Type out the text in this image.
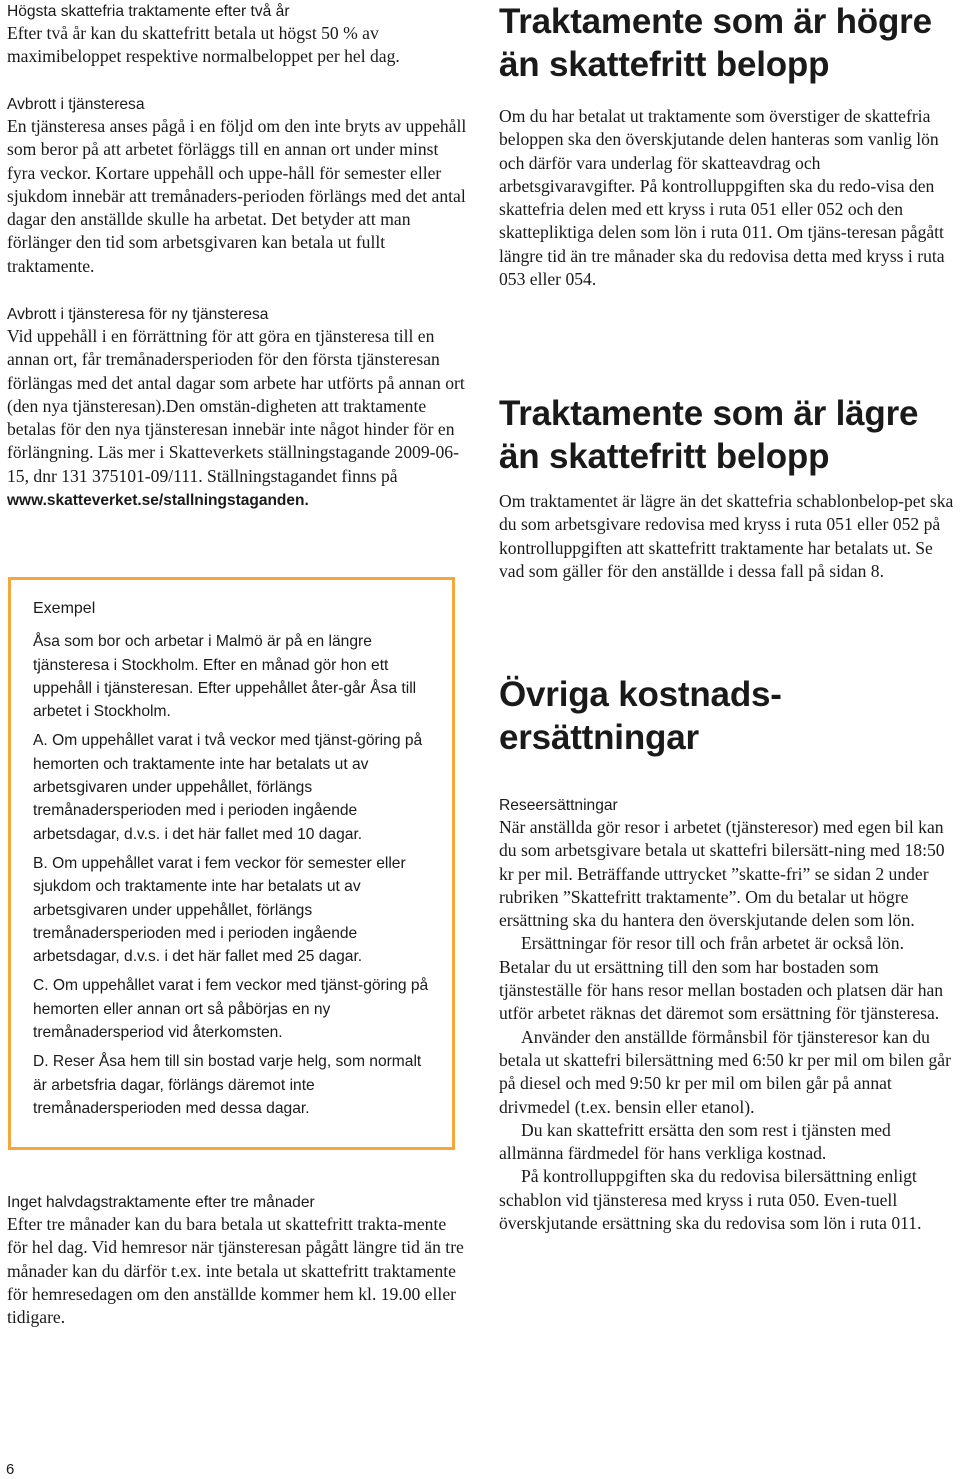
Högsta skattefria traktamente efter två år

Efter två år kan du skattefritt betala ut högst 50 % av maximibeloppet respektive normalbeloppet per hel dag.

Avbrott i tjänsteresa

En tjänsteresa anses pågå i en följd om den inte bryts av uppehåll som beror på att arbetet förläggs till en annan ort under minst fyra veckor. Kortare uppehåll och uppe-håll för semester eller sjukdom innebär att tremånaders-perioden förlängs med det antal dagar den anställde skulle ha arbetat. Det betyder att man förlänger den tid som arbetsgivaren kan betala ut fullt traktamente.

Avbrott i tjänsteresa för ny tjänsteresa

Vid uppehåll i en förrättning för att göra en tjänsteresa till en annan ort, får tremånadersperioden för den första tjänsteresan förlängas med det antal dagar som arbete har utförts på annan ort (den nya tjänsteresan).Den omstän-digheten att traktamente betalas för den nya tjänsteresan innebär inte något hinder för en förlängning. Läs mer i Skatteverkets ställningstagande 2009-06-15, dnr 131 375101-09/111. Ställningstagandet finns på www.skatteverket.se/stallningstaganden.

Exempel

Åsa som bor och arbetar i Malmö är på en längre tjänsteresa i Stockholm. Efter en månad gör hon ett uppehåll i tjänsteresan. Efter uppehållet åter-går Åsa till arbetet i Stockholm.

A. Om uppehållet varat i två veckor med tjänst-göring på hemorten och traktamente inte har betalats ut av arbetsgivaren under uppehållet, förlängs tremånadersperioden med i perioden ingående arbetsdagar, d.v.s. i det här fallet med 10 dagar.

B. Om uppehållet varat i fem veckor för semester eller sjukdom och traktamente inte har betalats ut av arbetsgivaren under uppehållet, förlängs tremånadersperioden med i perioden ingående arbetsdagar, d.v.s. i det här fallet med 25 dagar.

C. Om uppehållet varat i fem veckor med tjänst-göring på hemorten eller annan ort så påbörjas en ny tremånadersperiod vid återkomsten.

D. Reser Åsa hem till sin bostad varje helg, som normalt är arbetsfria dagar, förlängs däremot inte tremånadersperioden med dessa dagar.

Inget halvdagstraktamente efter tre månader

Efter tre månader kan du bara betala ut skattefritt trakta-mente för hel dag. Vid hemresor när tjänsteresan pågått längre tid än tre månader kan du därför t.ex. inte betala ut skattefritt traktamente för hemresedagen om den anställde kommer hem kl. 19.00 eller tidigare.

Traktamente som är högre än skattefritt belopp

Om du har betalat ut traktamente som överstiger de skattefria beloppen ska den överskjutande delen hanteras som vanlig lön och därför vara underlag för skatteavdrag och arbetsgivaravgifter. På kontrolluppgiften ska du redo-visa den skattefria delen med ett kryss i ruta 051 eller 052 och den skattepliktiga delen som lön i ruta 011. Om tjäns-teresan pågått längre tid än tre månader ska du redovisa detta med kryss i ruta 053 eller 054.

Traktamente som är lägre än skattefritt belopp

Om traktamentet är lägre än det skattefria schablonbelop-pet ska du som arbetsgivare redovisa med kryss i ruta 051 eller 052 på kontrolluppgiften att skattefritt traktamente har betalats ut. Se vad som gäller för den anställde i dessa fall på sidan 8.

Övriga kostnads-ersättningar
Reseersättningar

När anställda gör resor i arbetet (tjänsteresor) med egen bil kan du som arbetsgivare betala ut skattefri bilersätt-ning med 18:50 kr per mil. Beträffande uttrycket ”skatte-fri” se sidan 2 under rubriken ”Skattefritt traktamente”. Om du betalar ut högre ersättning ska du hantera den överskjutande delen som lön.

Ersättningar för resor till och från arbetet är också lön. Betalar du ut ersättning till den som har bostaden som tjänsteställe för hans resor mellan bostaden och platsen där han utför arbetet räknas det däremot som ersättning för tjänsteresa.

Använder den anställde förmånsbil för tjänsteresor kan du betala ut skattefri bilersättning med 6:50 kr per mil om bilen går på diesel och med 9:50 kr per mil om bilen går på annat drivmedel (t.ex. bensin eller etanol).

Du kan skattefritt ersätta den som rest i tjänsten med allmänna färdmedel för hans verkliga kostnad.

På kontrolluppgiften ska du redovisa bilersättning enligt schablon vid tjänsteresa med kryss i ruta 050. Even-tuell överskjutande ersättning ska du redovisa som lön i ruta 011.

6
